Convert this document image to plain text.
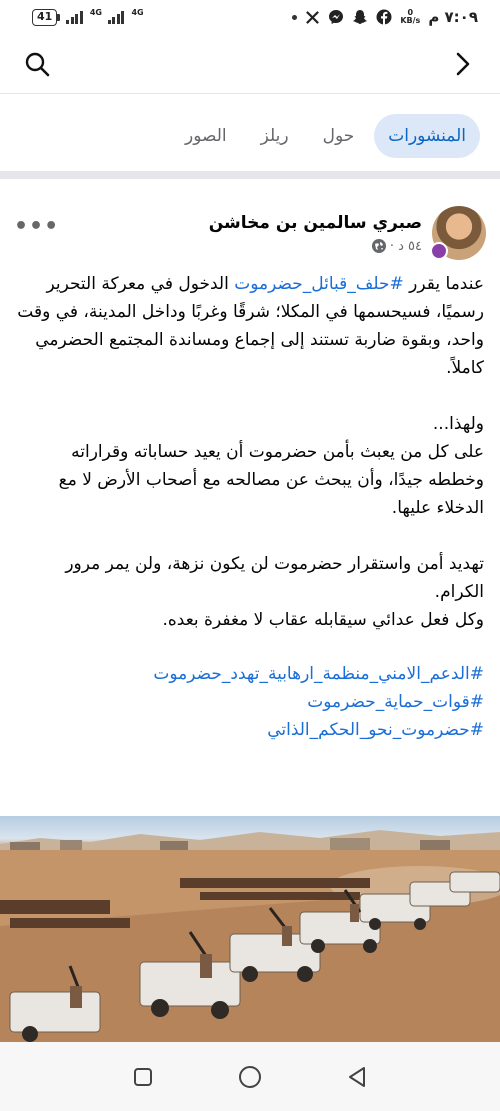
41	4G	4G	0
KB/s ٧:٠٩ م
المنشورات
حول
ريلز
الصور
صبري سالمين بن مخاشن
٥٤ د ·
•••

عندما يقرر #حلف_قبائل_حضرموت الدخول في معركة التحرير رسميًا، فسيحسمها في المكلا؛ شرقًا وغربًا وداخل المدينة، في وقت واحد، وبقوة ضاربة تستند إلى إجماع ومساندة المجتمع الحضرمي كاملاً.

ولهذا...

على كل من يعبث بأمن حضرموت أن يعيد حساباته وقراراته وخططه جيدًا، وأن يبحث عن مصالحه مع أصحاب الأرض لا مع الدخلاء عليها.

تهديد أمن واستقرار حضرموت لن يكون نزهة، ولن يمر مرور الكرام.

وكل فعل عدائي سيقابله عقاب لا مغفرة بعده.

#الدعم_الامني_منظمة_ارهابية_تهدد_حضرموت

#قوات_حماية_حضرموت

#حضرموت_نحو_الحكم_الذاتي
